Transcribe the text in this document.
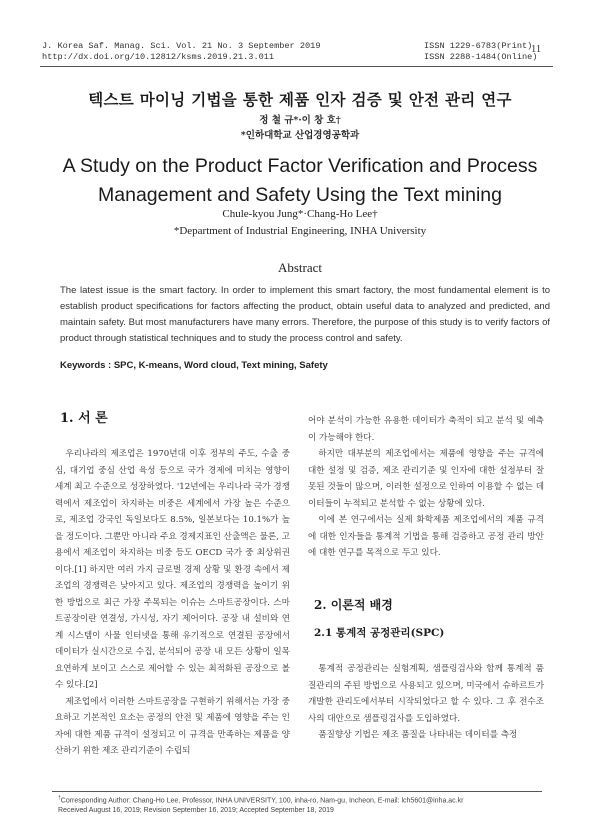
J. Korea Saf. Manag. Sci. Vol. 21 No. 3 September 2019
http://dx.doi.org/10.12812/ksms.2019.21.3.011
ISSN 1229-6783(Print)
ISSN 2288-1484(Online)
11
텍스트 마이닝 기법을 통한 제품 인자 검증 및 안전 관리 연구
정 철 규*·이 창 호†
*인하대학교 산업경영공학과
A Study on the Product Factor Verification and Process
Management and Safety Using the Text mining
Chule-kyou Jung*·Chang-Ho Lee†
*Department of Industrial Engineering, INHA University
Abstract
The latest issue is the smart factory. In order to implement this smart factory, the most fundamental element is to establish product specifications for factors affecting the product, obtain useful data to analyzed and predicted, and maintain safety. But most manufacturers have many errors. Therefore, the purpose of this study is to verify factors of product through statistical techniques and to study the process control and safety.
Keywords : SPC, K-means, Word cloud, Text mining, Safety
1. 서 론

우리나라의 제조업은 1970년대 이후 정부의 주도, 수출 중심, 대기업 중심 산업 육성 등으로 국가 경제에 미치는 영향이 세계 최고 수준으로 성장하였다. '12년에는 우리나라 국가 경쟁력에서 제조업이 차지하는 비중은 세계에서 가장 높은 수준으로, 제조업 강국인 독일보다도 8.5%, 일본보다는 10.1%가 높을 정도이다. 그뿐만 아니라 주요 경제지표인 산출액은 물론, 고용에서 제조업이 차지하는 비중 등도 OECD 국가 중 최상위권이다.[1] 하지만 여러 가지 글로벌 경제 상황 및 환경 속에서 제조업의 경쟁력은 낮아지고 있다. 제조업의 경쟁력을 높이기 위한 방법으로 최근 가장 주목되는 이슈는 스마트공장이다. 스마트공장이란 연결성, 가시성, 자기 제어이다. 공장 내 설비와 연계 시스템이 사물 인터넷을 통해 유기적으로 연결된 공장에서 데이터가 실시간으로 수집, 분석되어 공장 내 모든 상황이 일목요연하게 보이고 스스로 제어할 수 있는 최적화된 공장으로 볼 수 있다.[2]

제조업에서 이러한 스마트공장을 구현하기 위해서는 가장 중요하고 기본적인 요소는 공정의 안전 및 제품에 영향을 주는 인자에 대한 제품 규격이 설정되고 이 규격을 만족하는 제품을 양산하기 위한 제조 관리기준이 수립되

어야 분석이 가능한 유용한 데이터가 축적이 되고 분석 및 예측이 가능해야 한다.

하지만 대부분의 제조업에서는 제품에 영향을 주는 규격에 대한 설정 및 검증, 제조 관리기준 및 인자에 대한 설정부터 잘못된 것들이 많으며, 이러한 설정으로 인하여 이용할 수 없는 데이터들이 누적되고 분석할 수 없는 상황에 있다.

이에 본 연구에서는 실제 화학제품 제조업에서의 제품 규격에 대한 인자들을 통계적 기법을 통해 검증하고 공정 관리 방안에 대한 연구를 목적으로 두고 있다.

2. 이론적 배경
2.1 통계적 공정관리(SPC)

통계적 공정관리는 실험계획, 샘플링검사와 함께 통계적 품질관리의 주된 방법으로 사용되고 있으며, 미국에서 슈하르트가 개발한 관리도에서부터 시작되었다고 할 수 있다. 그 후 전수조사의 대안으로 샘플링검사를 도입하였다.

품질향상 기법은 제조 품질을 나타내는 데이터를 측정

†Corresponding Author: Chang-Ho Lee, Professor, INHA UNIVERSITY, 100, inha-ro, Nam-gu, Incheon, E-mail: lch5601@inha.ac.kr
Received August 16, 2019; Revision September 16, 2019; Accepted September 18, 2019
